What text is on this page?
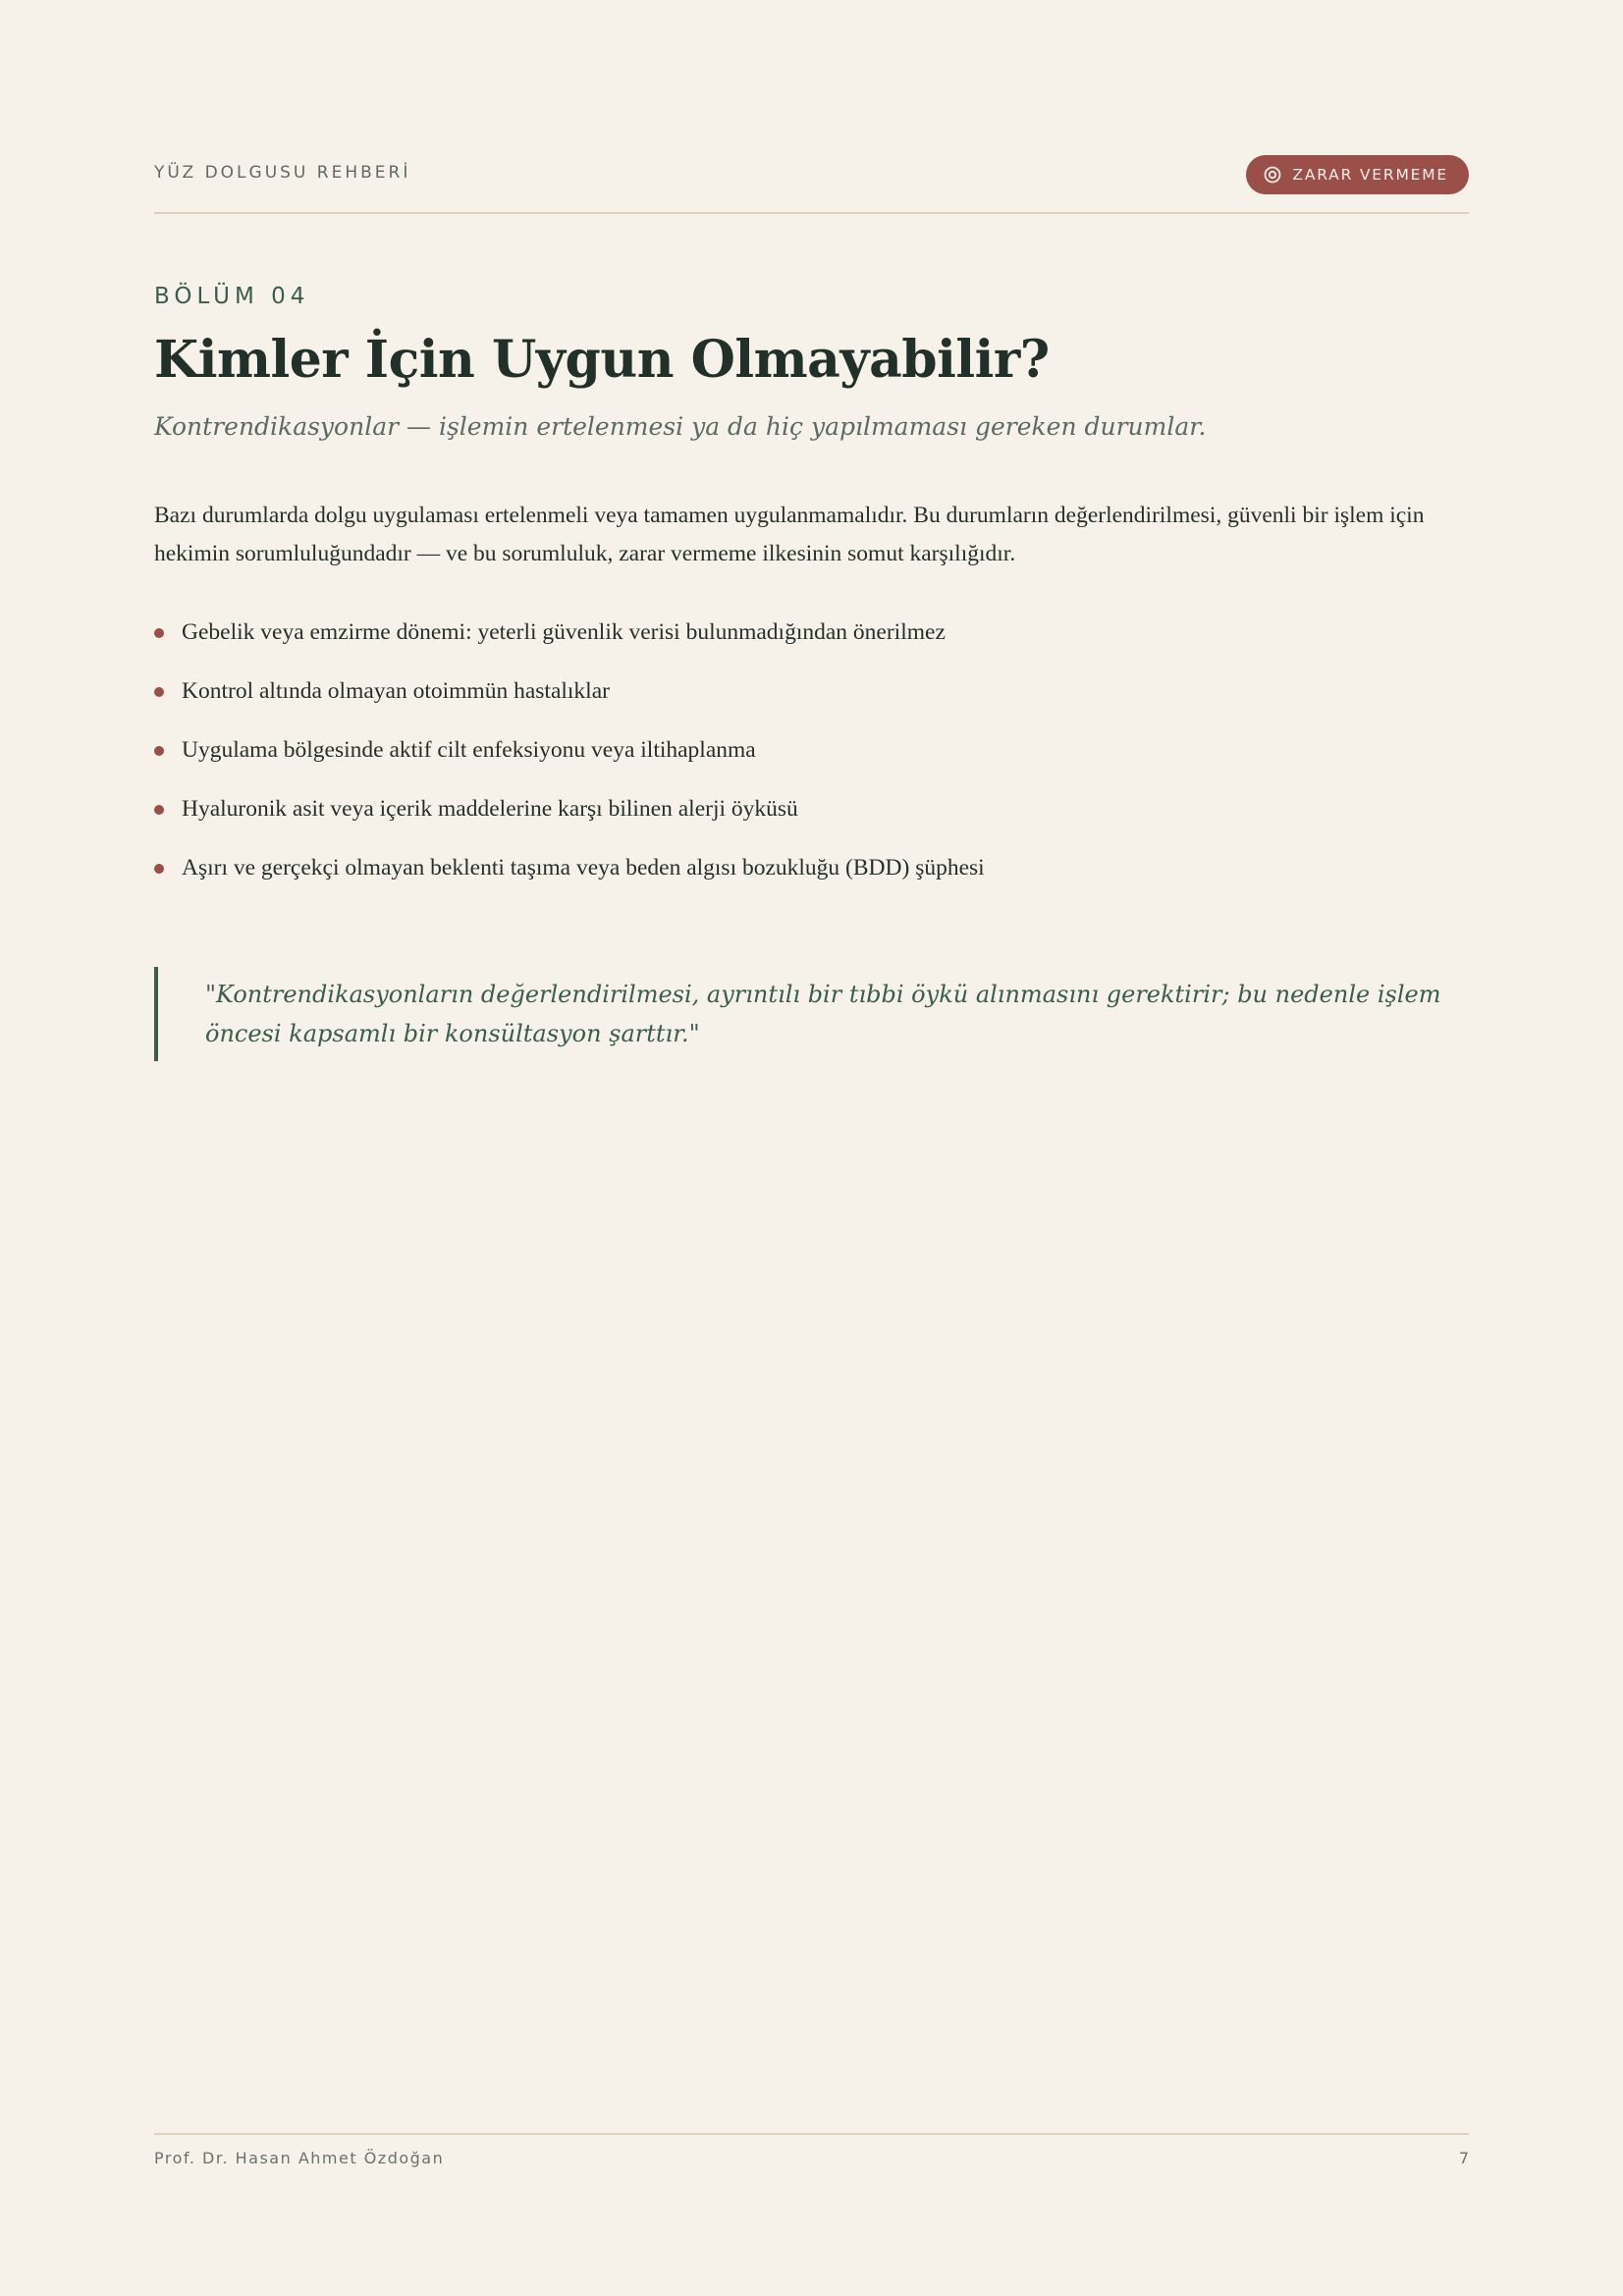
YÜZ DOLGUSU REHBERİ	ZARAR VERMEME
BÖLÜM 04
Kimler İçin Uygun Olmayabilir?
Kontrendikasyonlar — işlemin ertelenmesi ya da hiç yapılmaması gereken durumlar.

Bazı durumlarda dolgu uygulaması ertelenmeli veya tamamen uygulanmamalıdır. Bu durumların değerlendirilmesi, güvenli bir işlem için hekimin sorumluluğundadır — ve bu sorumluluk, zarar vermeme ilkesinin somut karşılığıdır.

Gebelik veya emzirme dönemi: yeterli güvenlik verisi bulunmadığından önerilmez
Kontrol altında olmayan otoimmün hastalıklar
Uygulama bölgesinde aktif cilt enfeksiyonu veya iltihaplanma
Hyaluronik asit veya içerik maddelerine karşı bilinen alerji öyküsü
Aşırı ve gerçekçi olmayan beklenti taşıma veya beden algısı bozukluğu (BDD) şüphesi

"Kontrendikasyonların değerlendirilmesi, ayrıntılı bir tıbbi öykü alınmasını gerektirir; bu nedenle işlem öncesi kapsamlı bir konsültasyon şarttır."

Prof. Dr. Hasan Ahmet Özdoğan	7
